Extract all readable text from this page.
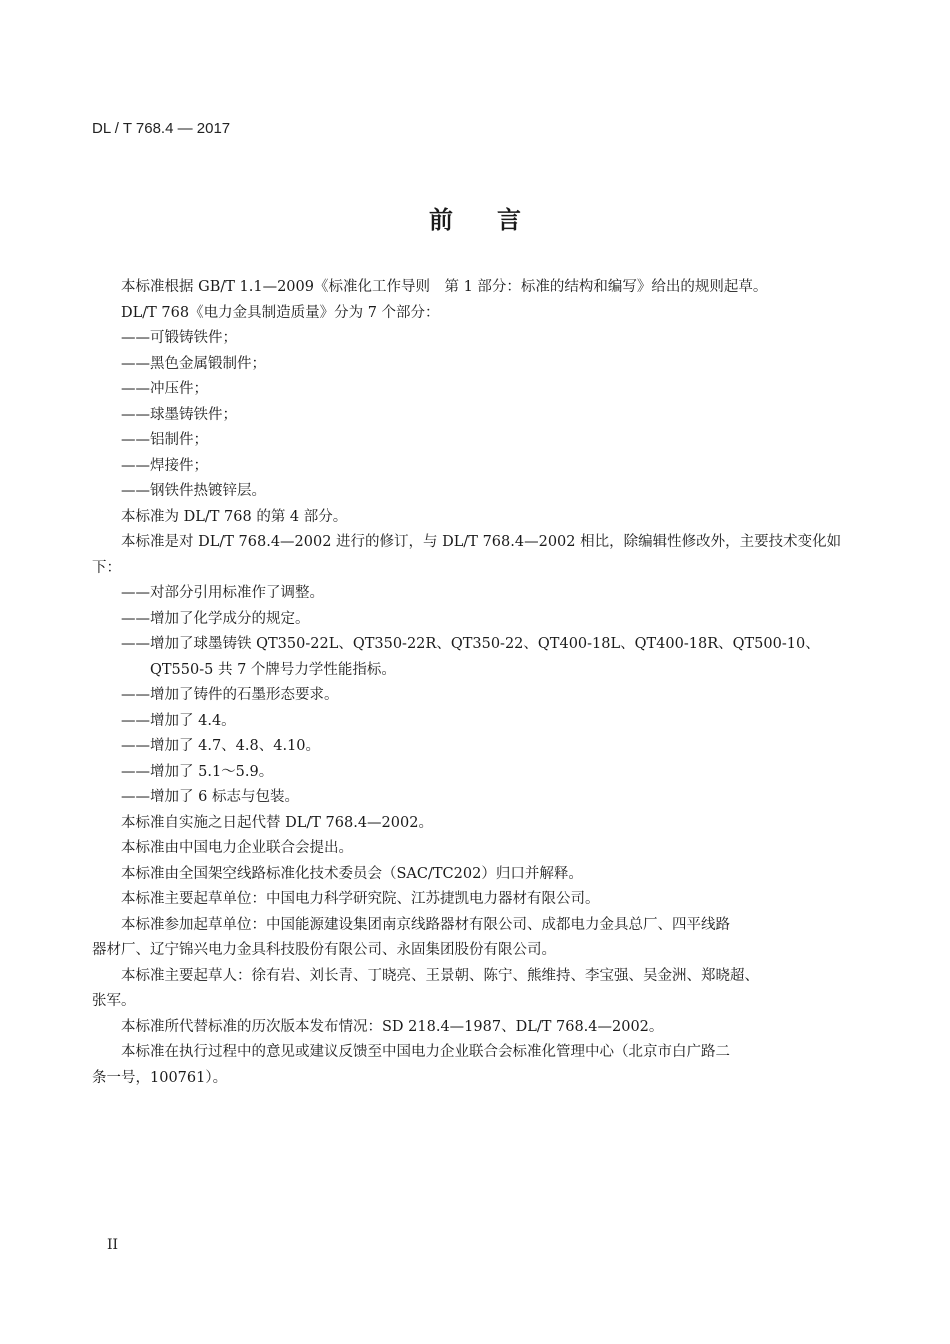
DL / T 768.4 — 2017
前言

本标准根据 GB/T 1.1—2009《标准化工作导则　第 1 部分：标准的结构和编写》给出的规则起草。

DL/T 768《电力金具制造质量》分为 7 个部分：

——可锻铸铁件；

——黑色金属锻制件；

——冲压件；

——球墨铸铁件；

——铝制件；

——焊接件；

——钢铁件热镀锌层。

本标准为 DL/T 768 的第 4 部分。

本标准是对 DL/T 768.4—2002 进行的修订，与 DL/T 768.4—2002 相比，除编辑性修改外，主要技术变化如下：

——对部分引用标准作了调整。

——增加了化学成分的规定。

——增加了球墨铸铁 QT350-22L、QT350-22R、QT350-22、QT400-18L、QT400-18R、QT500-10、

QT550-5 共 7 个牌号力学性能指标。

——增加了铸件的石墨形态要求。

——增加了 4.4。

——增加了 4.7、4.8、4.10。

——增加了 5.1～5.9。

——增加了 6 标志与包装。

本标准自实施之日起代替 DL/T 768.4—2002。

本标准由中国电力企业联合会提出。

本标准由全国架空线路标准化技术委员会（SAC/TC202）归口并解释。

本标准主要起草单位：中国电力科学研究院、江苏捷凯电力器材有限公司。

本标准参加起草单位：中国能源建设集团南京线路器材有限公司、成都电力金具总厂、四平线路

器材厂、辽宁锦兴电力金具科技股份有限公司、永固集团股份有限公司。

本标准主要起草人：徐有岩、刘长青、丁晓亮、王景朝、陈宁、熊维持、李宝强、吴金洲、郑晓超、

张军。

本标准所代替标准的历次版本发布情况：SD 218.4—1987、DL/T 768.4—2002。

本标准在执行过程中的意见或建议反馈至中国电力企业联合会标准化管理中心（北京市白广路二

条一号，100761）。

II
